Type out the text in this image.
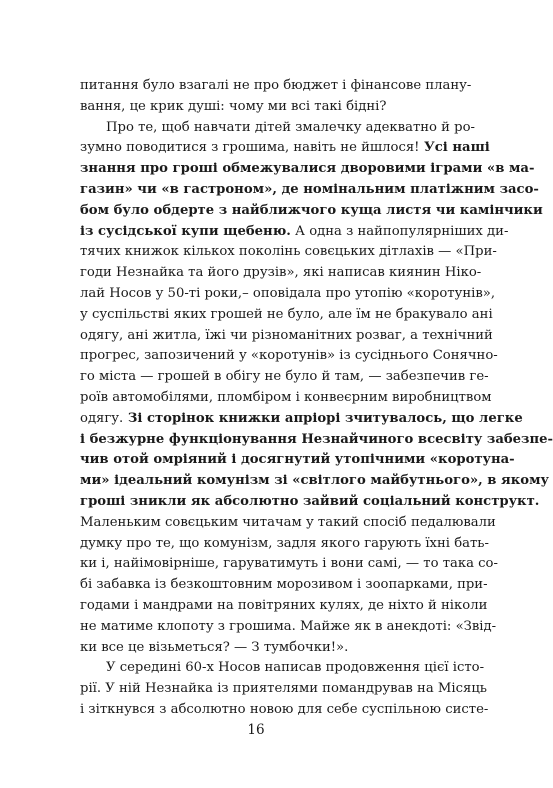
питання було взагалі не про бюджет і фінансове плану-
вання, це крик душі: чому ми всі такі бідні?
Про те, щоб навчати дітей змалечку адекватно й ро-
зумно поводитися з грошима, навіть не йшлося! Усі наші
знання про гроші обмежувалися дворовими іграми «в ма-
газин» чи «в гастроном», де номінальним платіжним засо-
бом було обдерте з найближчого куща листя чи камінчики
із сусідської купи щебеню. А одна з найпопулярніших ди-
тячих книжок кількох поколінь совєцьких дітлахів — «При-
годи Незнайка та його друзів», які написав киянин Ніко-
лай Носов у 50-ті роки,– оповідала про утопію «коротунів»,
у суспільстві яких грошей не було, але їм не бракувало ані
одягу, ані житла, їжі чи різноманітних розваг, а технічний
прогрес, запозичений у «коротунів» із сусіднього Сонячно-
го міста — грошей в обігу не було й там, — забезпечив ге-
роїв автомобілями, пломбіром і конвеєрним виробництвом
одягу. Зі сторінок книжки апріорі зчитувалось, що легке
і безжурне функціонування Незнайчиного всесвіту забезпе-
чив отой омріяний і досягнутий утопічними «коротуна-
ми» ідеальний комунізм зі «світлого майбутнього», в якому
гроші зникли як абсолютно зайвий соціальний конструкт.
Маленьким совєцьким читачам у такий спосіб педалювали
думку про те, що комунізм, задля якого гарують їхні бать-
ки і, найімовірніше, гаруватимуть і вони самі, — то така со-
бі забавка із безкоштовним морозивом і зоопарками, при-
годами і мандрами на повітряних кулях, де ніхто й ніколи
не матиме клопоту з грошима. Майже як в анекдоті: «Звід-
ки все це візьметься? — З тумбочки!».
У середині 60-х Носов написав продовження цієї істо-
рії. У ній Незнайка із приятелями помандрував на Місяць
і зіткнувся з абсолютно новою для себе суспільною систе-
16
